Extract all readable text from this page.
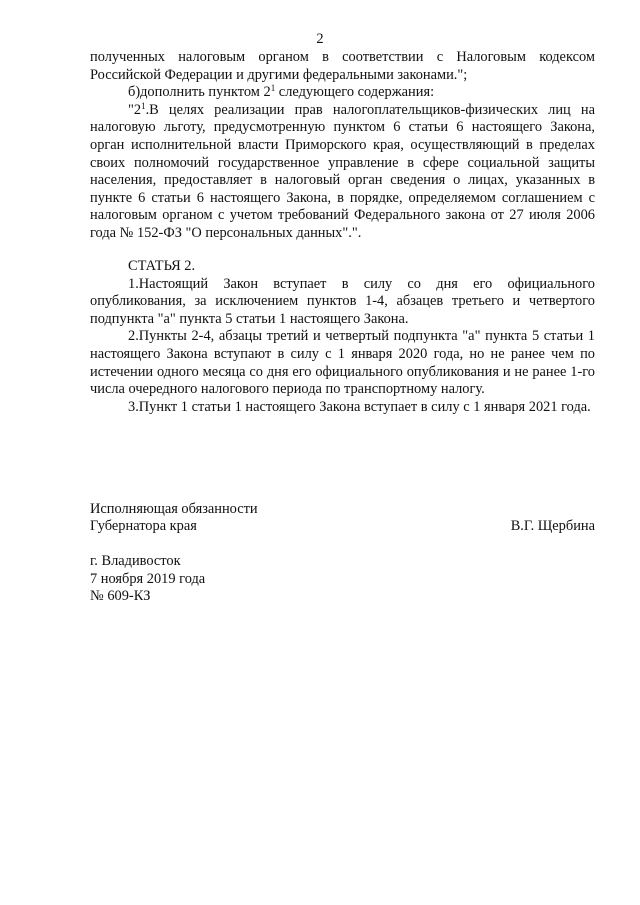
2

полученных налоговым органом в соответствии с Налоговым кодексом Российской Федерации и другими федеральными законами.";

б)дополнить пунктом $2^1$ следующего содержания:

"$2^1.В$ целях реализации прав налогоплательщиков-физических лиц на налоговую льготу, предусмотренную пунктом 6 статьи 6 настоящего Закона, орган исполнительной власти Приморского края, осуществляющий в пределах своих полномочий государственное управление в сфере социальной защиты населения, предоставляет в налоговый орган сведения о лицах, указанных в пункте 6 статьи 6 настоящего Закона, в порядке, определяемом соглашением с налоговым органом с учетом требований Федерального закона от 27 июля 2006 года № 152-ФЗ "О персональных данных".".

СТАТЬЯ 2.

1.Настоящий Закон вступает в силу со дня его официального опубликования, за исключением пунктов 1-4, абзацев третьего и четвертого подпункта "а" пункта 5 статьи 1 настоящего Закона.

2.Пункты 2-4, абзацы третий и четвертый подпункта "а" пункта 5 статьи 1 настоящего Закона вступают в силу с 1 января 2020 года, но не ранее чем по истечении одного месяца со дня его официального опубликования и не ранее 1-го числа очередного налогового периода по транспортному налогу.

3.Пункт 1 статьи 1 настоящего Закона вступает в силу с 1 января 2021 года.

Исполняющая обязанности
Губернатора края	В.Г. Щербина

г. Владивосток

7 ноября 2019 года

№ 609-КЗ
